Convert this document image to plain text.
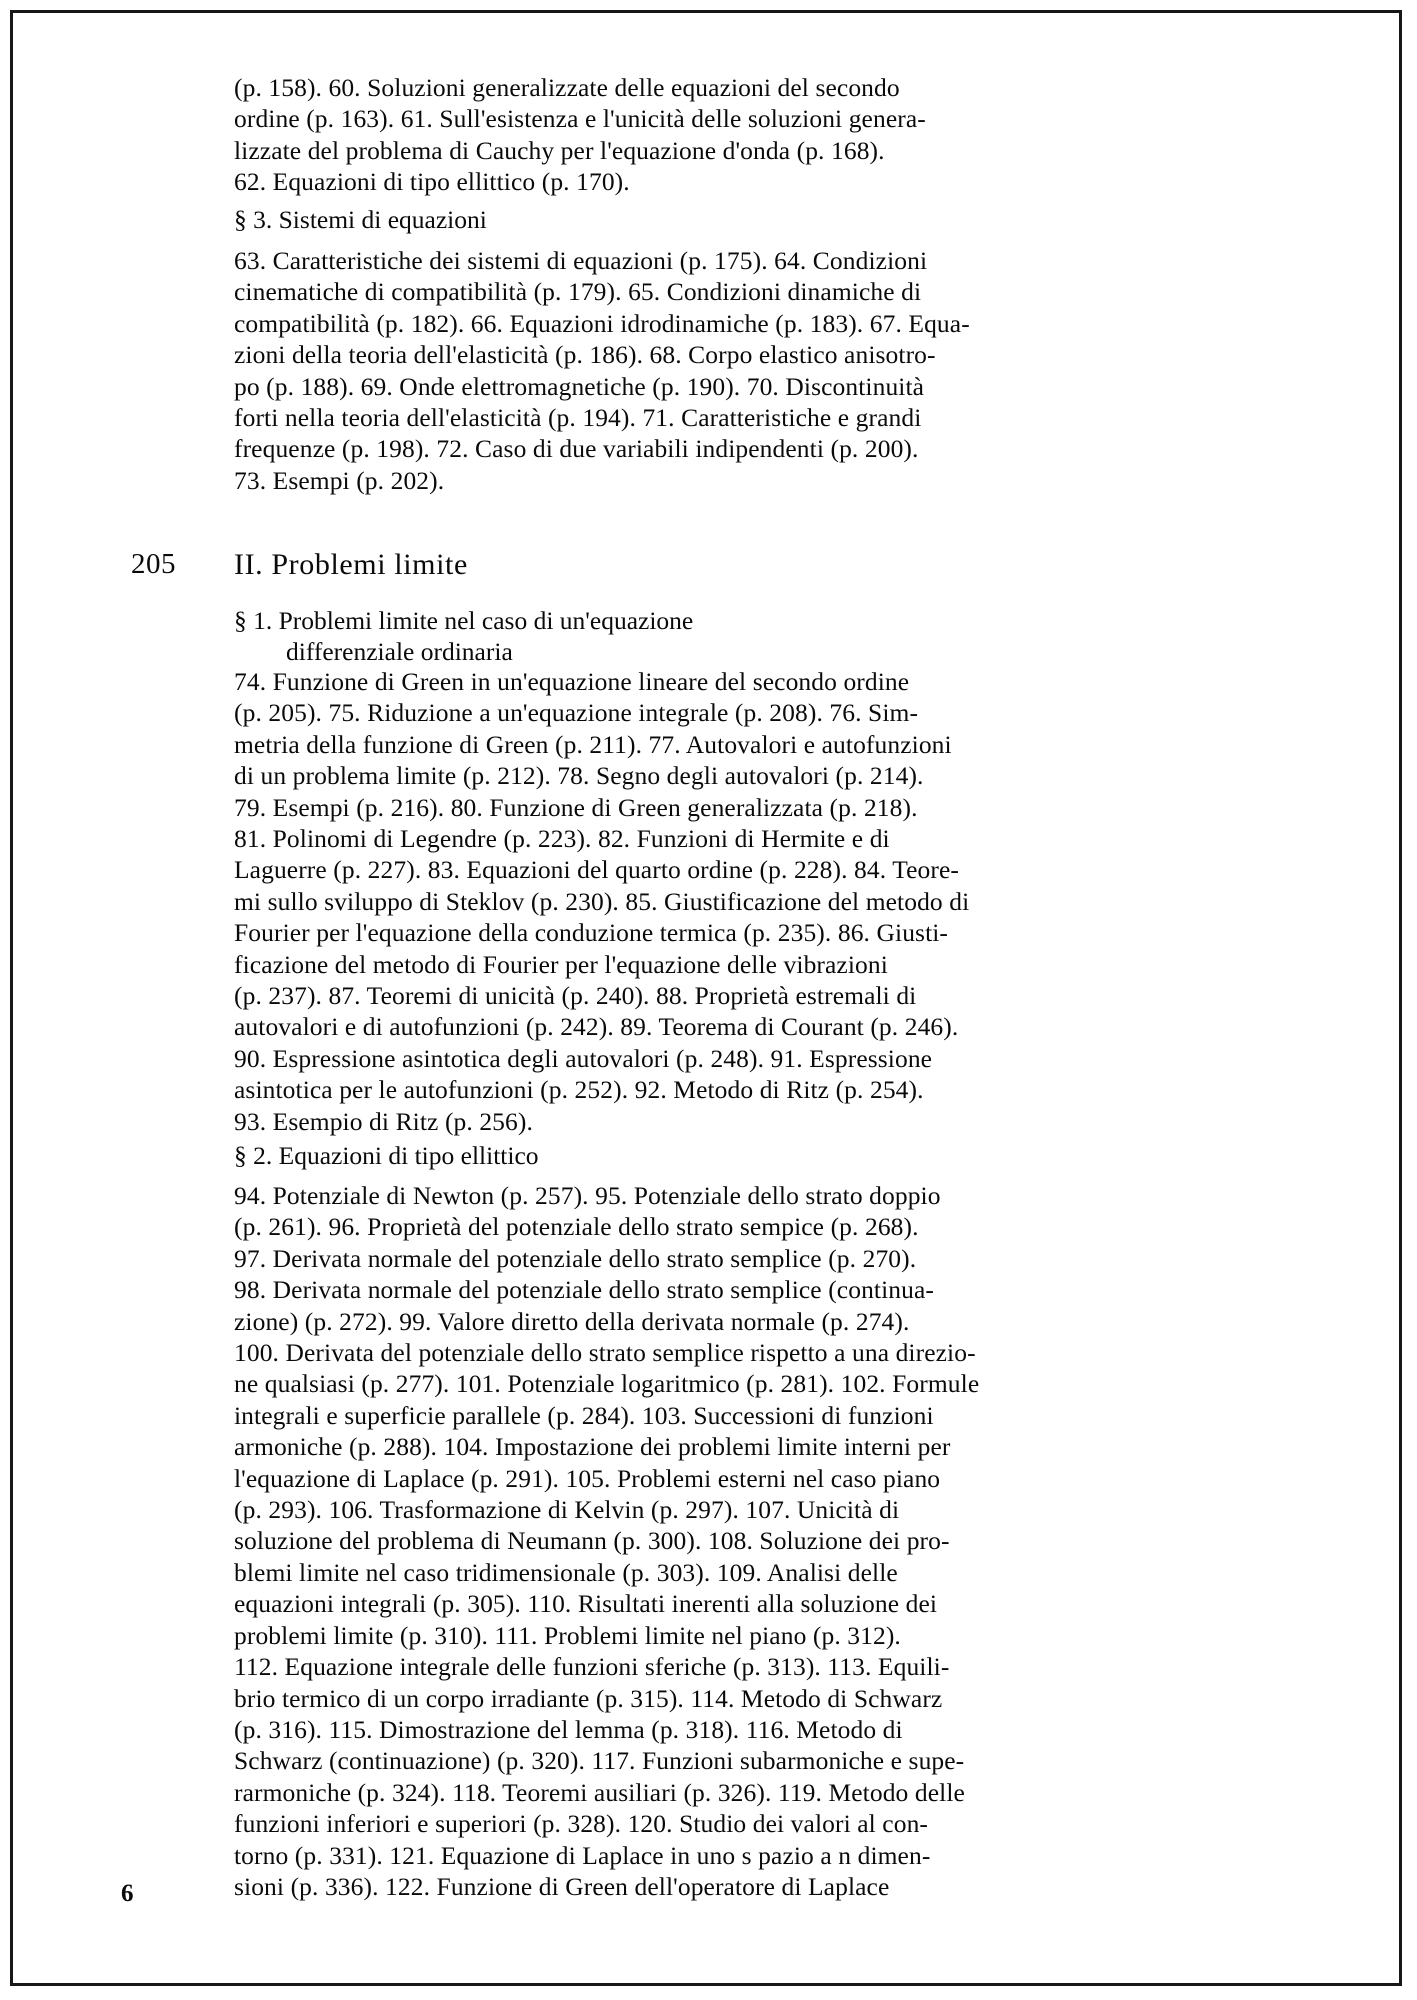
(p. 158). 60. Soluzioni generalizzate delle equazioni del secondo
ordine (p. 163). 61. Sull'esistenza e l'unicità delle soluzioni genera-
lizzate del problema di Cauchy per l'equazione d'onda (p. 168).
62. Equazioni di tipo ellittico (p. 170).
§ 3. Sistemi di equazioni
63. Caratteristiche dei sistemi di equazioni (p. 175). 64. Condizioni
cinematiche di compatibilità (p. 179). 65. Condizioni dinamiche di
compatibilità (p. 182). 66. Equazioni idrodinamiche (p. 183). 67. Equa-
zioni della teoria dell'elasticità (p. 186). 68. Corpo elastico anisotro-
po (p. 188). 69. Onde elettromagnetiche (p. 190). 70. Discontinuità
forti nella teoria dell'elasticità (p. 194). 71. Caratteristiche e grandi
frequenze (p. 198). 72. Caso di due variabili indipendenti (p. 200).
73. Esempi (p. 202).
205 II. Problemi limite
§ 1. Problemi limite nel caso di un'equazione
differenziale ordinaria
74. Funzione di Green in un'equazione lineare del secondo ordine
(p. 205). 75. Riduzione a un'equazione integrale (p. 208). 76. Sim-
metria della funzione di Green (p. 211). 77. Autovalori e autofunzioni
di un problema limite (p. 212). 78. Segno degli autovalori (p. 214).
79. Esempi (p. 216). 80. Funzione di Green generalizzata (p. 218).
81. Polinomi di Legendre (p. 223). 82. Funzioni di Hermite e di
Laguerre (p. 227). 83. Equazioni del quarto ordine (p. 228). 84. Teore-
mi sullo sviluppo di Steklov (p. 230). 85. Giustificazione del metodo di
Fourier per l'equazione della conduzione termica (p. 235). 86. Giusti-
ficazione del metodo di Fourier per l'equazione delle vibrazioni
(p. 237). 87. Teoremi di unicità (p. 240). 88. Proprietà estremali di
autovalori e di autofunzioni (p. 242). 89. Teorema di Courant (p. 246).
90. Espressione asintotica degli autovalori (p. 248). 91. Espressione
asintotica per le autofunzioni (p. 252). 92. Metodo di Ritz (p. 254).
93. Esempio di Ritz (p. 256).
§ 2. Equazioni di tipo ellittico
94. Potenziale di Newton (p. 257). 95. Potenziale dello strato doppio
(p. 261). 96. Proprietà del potenziale dello strato sempice (p. 268).
97. Derivata normale del potenziale dello strato semplice (p. 270).
98. Derivata normale del potenziale dello strato semplice (continua-
zione) (p. 272). 99. Valore diretto della derivata normale (p. 274).
100. Derivata del potenziale dello strato semplice rispetto a una direzio-
ne qualsiasi (p. 277). 101. Potenziale logaritmico (p. 281). 102. Formule
integrali e superficie parallele (p. 284). 103. Successioni di funzioni
armoniche (p. 288). 104. Impostazione dei problemi limite interni per
l'equazione di Laplace (p. 291). 105. Problemi esterni nel caso piano
(p. 293). 106. Trasformazione di Kelvin (p. 297). 107. Unicità di
soluzione del problema di Neumann (p. 300). 108. Soluzione dei pro-
blemi limite nel caso tridimensionale (p. 303). 109. Analisi delle
equazioni integrali (p. 305). 110. Risultati inerenti alla soluzione dei
problemi limite (p. 310). 111. Problemi limite nel piano (p. 312).
112. Equazione integrale delle funzioni sferiche (p. 313). 113. Equili-
brio termico di un corpo irradiante (p. 315). 114. Metodo di Schwarz
(p. 316). 115. Dimostrazione del lemma (p. 318). 116. Metodo di
Schwarz (continuazione) (p. 320). 117. Funzioni subarmoniche e supe-
rarmoniche (p. 324). 118. Teoremi ausiliari (p. 326). 119. Metodo delle
funzioni inferiori e superiori (p. 328). 120. Studio dei valori al con-
torno (p. 331). 121. Equazione di Laplace in uno s pazio a n dimen-
sioni (p. 336). 122. Funzione di Green dell'operatore di Laplace
6
